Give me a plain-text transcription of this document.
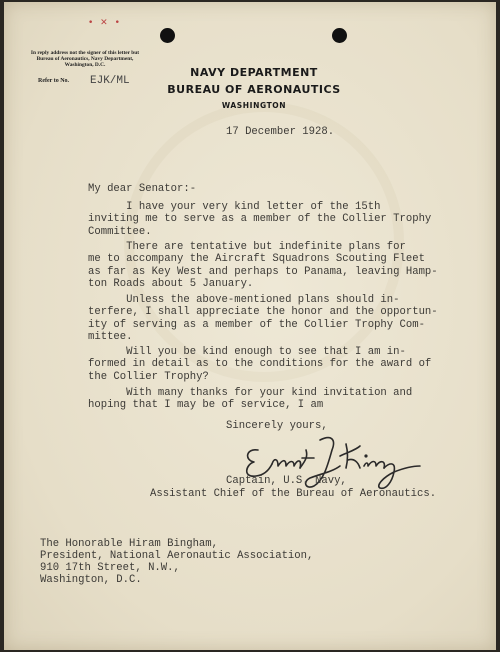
• ✕ •
In reply address not the signer of this letter but Bureau of Aeronautics, Navy Department, Washington, D.C.
Refer to No. EJK/ML
NAVY DEPARTMENT
BUREAU OF AERONAUTICS
WASHINGTON
17 December 1928.
My dear Senator:-
I have your very kind letter of the 15th
inviting me to serve as a member of the Collier Trophy
Committee.
There are tentative but indefinite plans for
me to accompany the Aircraft Squadrons Scouting Fleet
as far as Key West and perhaps to Panama, leaving Hamp-
ton Roads about 5 January.
Unless the above-mentioned plans should in-
terfere, I shall appreciate the honor and the opportun-
ity of serving as a member of the Collier Trophy Com-
mittee.
Will you be kind enough to see that I am in-
formed in detail as to the conditions for the award of
the Collier Trophy?
With many thanks for your kind invitation and
hoping that I may be of service, I am
Sincerely yours,
Captain, U.S. Navy,
Assistant Chief of the Bureau of Aeronautics.
The Honorable Hiram Bingham,
President, National Aeronautic Association,
910 17th Street, N.W.,
Washington, D.C.
